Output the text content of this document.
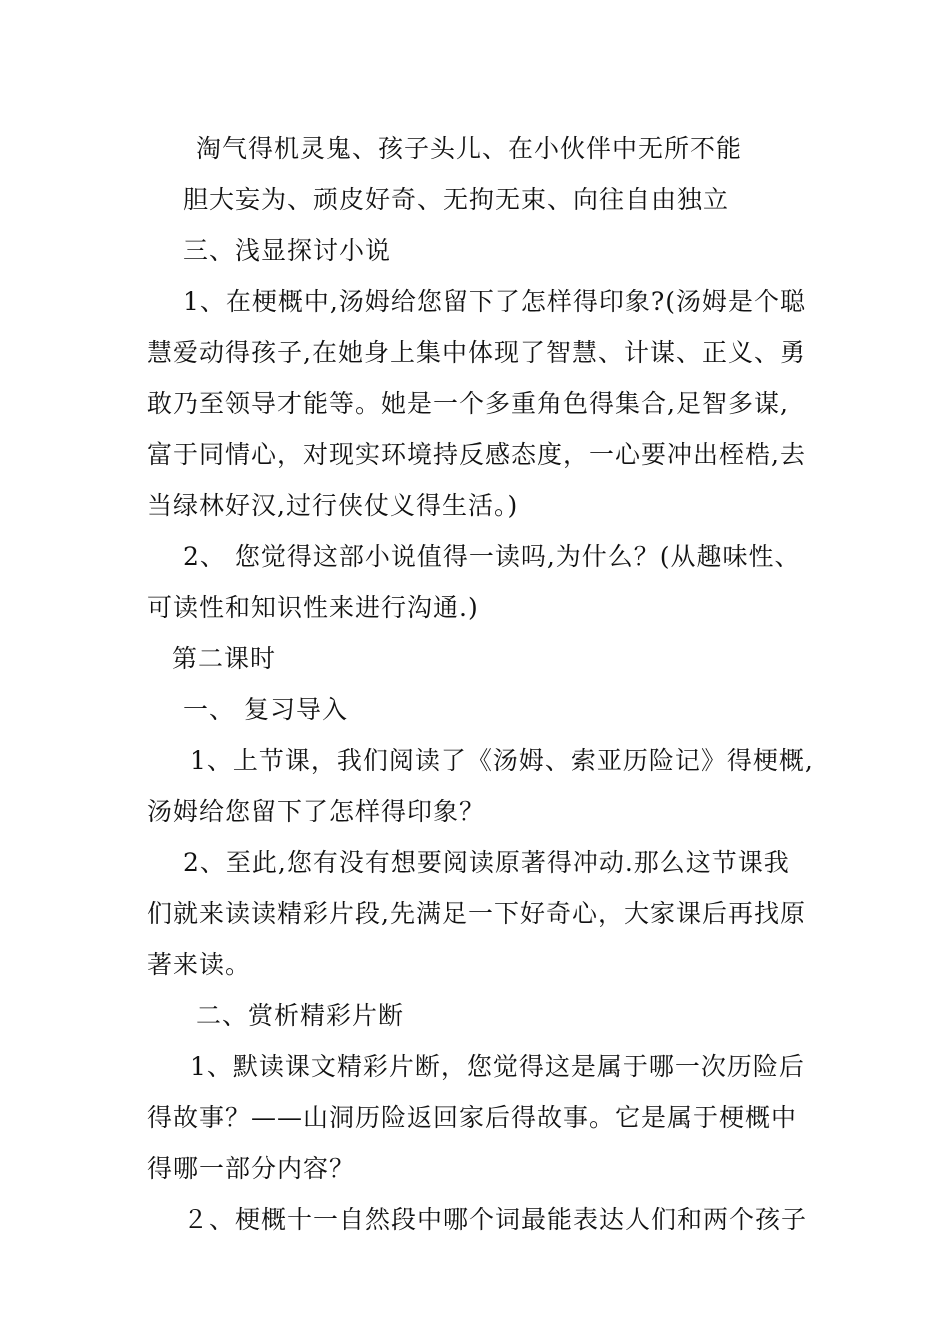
淘气得机灵鬼、孩子头儿、在小伙伴中无所不能
胆大妄为、顽皮好奇、无拘无束、向往自由独立
三、浅显探讨小说
1、在梗概中,汤姆给您留下了怎样得印象?(汤姆是个聪
慧爱动得孩子,在她身上集中体现了智慧、计谋、正义、勇
敢乃至领导才能等。她是一个多重角色得集合,足智多谋,
富于同情心，对现实环境持反感态度，一心要冲出桎梏,去
当绿林好汉,过行侠仗义得生活。)
2、 您觉得这部小说值得一读吗,为什么？(从趣味性、
可读性和知识性来进行沟通.)
第二课时
一、 复习导入
1、上节课，我们阅读了《汤姆、索亚历险记》得梗概,
汤姆给您留下了怎样得印象？
2、至此,您有没有想要阅读原著得冲动.那么这节课我
们就来读读精彩片段,先满足一下好奇心，大家课后再找原
著来读。
二、赏析精彩片断
1、默读课文精彩片断，您觉得这是属于哪一次历险后
得故事？——山洞历险返回家后得故事。它是属于梗概中
得哪一部分内容？
２、梗概十一自然段中哪个词最能表达人们和两个孩子
